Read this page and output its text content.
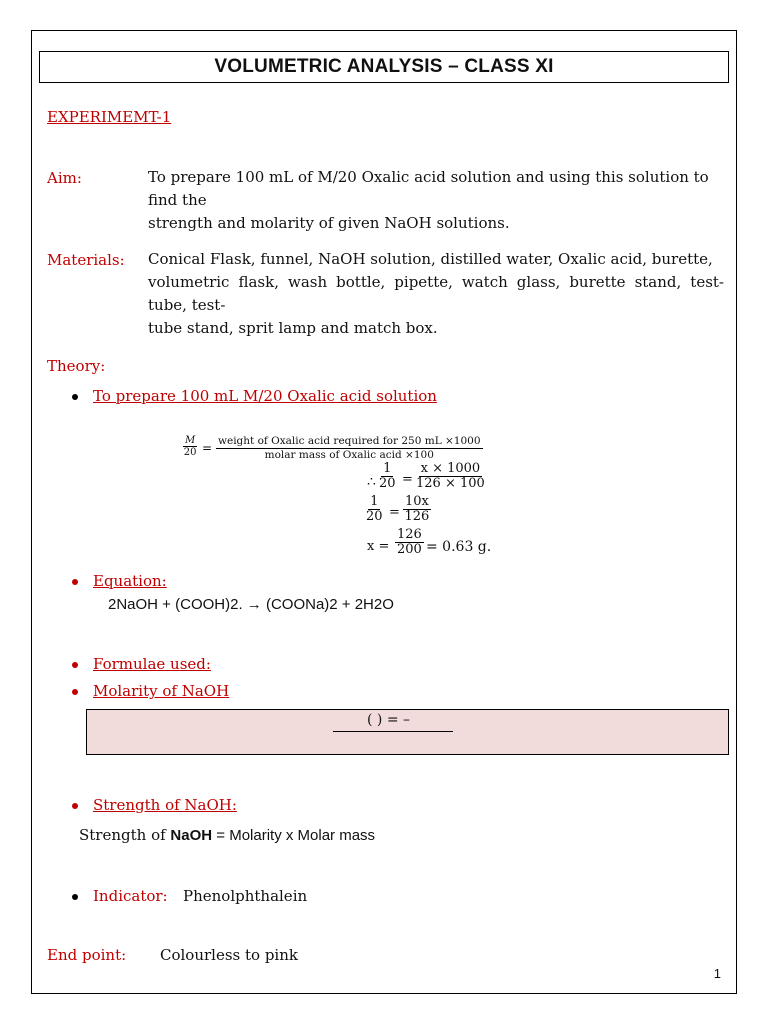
VOLUMETRIC ANALYSIS – CLASS XI
EXPERIMEMT-1
Aim:	To prepare 100 mL of M/20 Oxalic acid solution and using this solution to find the
strength and molarity of given NaOH solutions.
Materials: Conical Flask, funnel, NaOH solution, distilled water, Oxalic acid, burette,
volumetric flask, wash bottle, pipette, watch glass, burette stand, test-tube, test-
tube stand, sprit lamp and match box.
Theory:
To prepare 100 mL M/20 Oxalic acid solution
$\frac{M}{20}$ = weight of Oxalic acid required for 250 mL ×1000
molar mass of Oxalic acid ×100
∴ $\frac{1}{20} = \frac{x \times 1000}{126 \times 100}$
$\frac{1}{20} = \frac{10x}{126}$
$x = \frac{126}{200} = 0.63$ g.
Equation:
2NaOH + (COOH)2. → (COONa)2 + 2H2O
Formulae used:
Molarity of NaOH
( ) = –
Strength of NaOH:
Strength of NaOH = Molarity x Molar mass
Indicator: Phenolphthalein
End point: Colourless to pink
1
